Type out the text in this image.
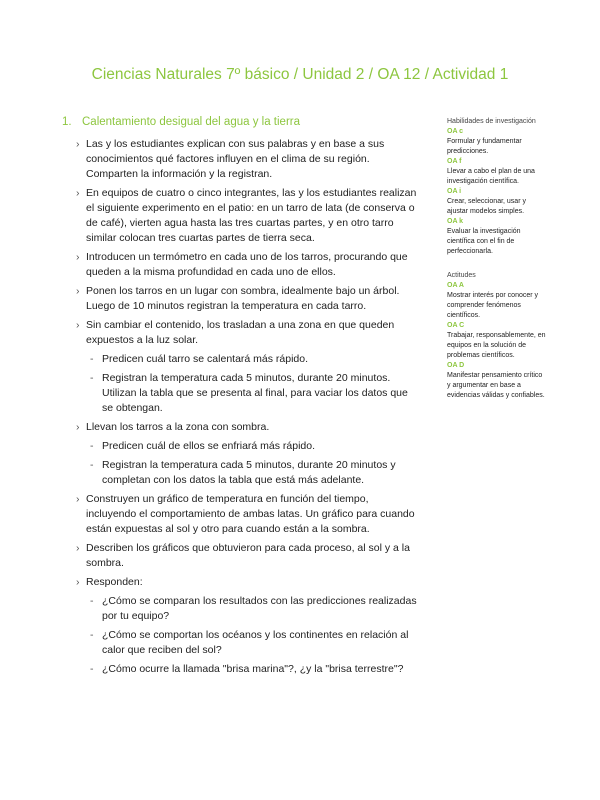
Ciencias Naturales 7º básico / Unidad 2 / OA 12 / Actividad 1
1. Calentamiento desigual del agua y la tierra
› Las y los estudiantes explican con sus palabras y en base a sus conocimientos qué factores influyen en el clima de su región. Comparten la información y la registran.
› En equipos de cuatro o cinco integrantes, las y los estudiantes realizan el siguiente experimento en el patio: en un tarro de lata (de conserva o de café), vierten agua hasta las tres cuartas partes, y en otro tarro similar colocan tres cuartas partes de tierra seca.
› Introducen un termómetro en cada uno de los tarros, procurando que queden a la misma profundidad en cada uno de ellos.
› Ponen los tarros en un lugar con sombra, idealmente bajo un árbol. Luego de 10 minutos registran la temperatura en cada tarro.
› Sin cambiar el contenido, los trasladan a una zona en que queden expuestos a la luz solar.
- Predicen cuál tarro se calentará más rápido.
- Registran la temperatura cada 5 minutos, durante 20 minutos. Utilizan la tabla que se presenta al final, para vaciar los datos que se obtengan.
› Llevan los tarros a la zona con sombra.
- Predicen cuál de ellos se enfriará más rápido.
- Registran la temperatura cada 5 minutos, durante 20 minutos y completan con los datos la tabla que está más adelante.
› Construyen un gráfico de temperatura en función del tiempo, incluyendo el comportamiento de ambas latas. Un gráfico para cuando están expuestas al sol y otro para cuando están a la sombra.
› Describen los gráficos que obtuvieron para cada proceso, al sol y a la sombra.
› Responden:
- ¿Cómo se comparan los resultados con las predicciones realizadas por tu equipo?
- ¿Cómo se comportan los océanos y los continentes en relación al calor que reciben del sol?
- ¿Cómo ocurre la llamada "brisa marina"?, ¿y la "brisa terrestre"?
Habilidades de investigación
OA c
Formular y fundamentar predicciones.
OA f
Llevar a cabo el plan de una investigación científica.
OA i
Crear, seleccionar, usar y ajustar modelos simples.
OA k
Evaluar la investigación científica con el fin de perfeccionarla.
Actitudes
OA A
Mostrar interés por conocer y comprender fenómenos científicos.
OA C
Trabajar, responsablemente, en equipos en la solución de problemas científicos.
OA D
Manifestar pensamiento crítico y argumentar en base a evidencias válidas y confiables.
